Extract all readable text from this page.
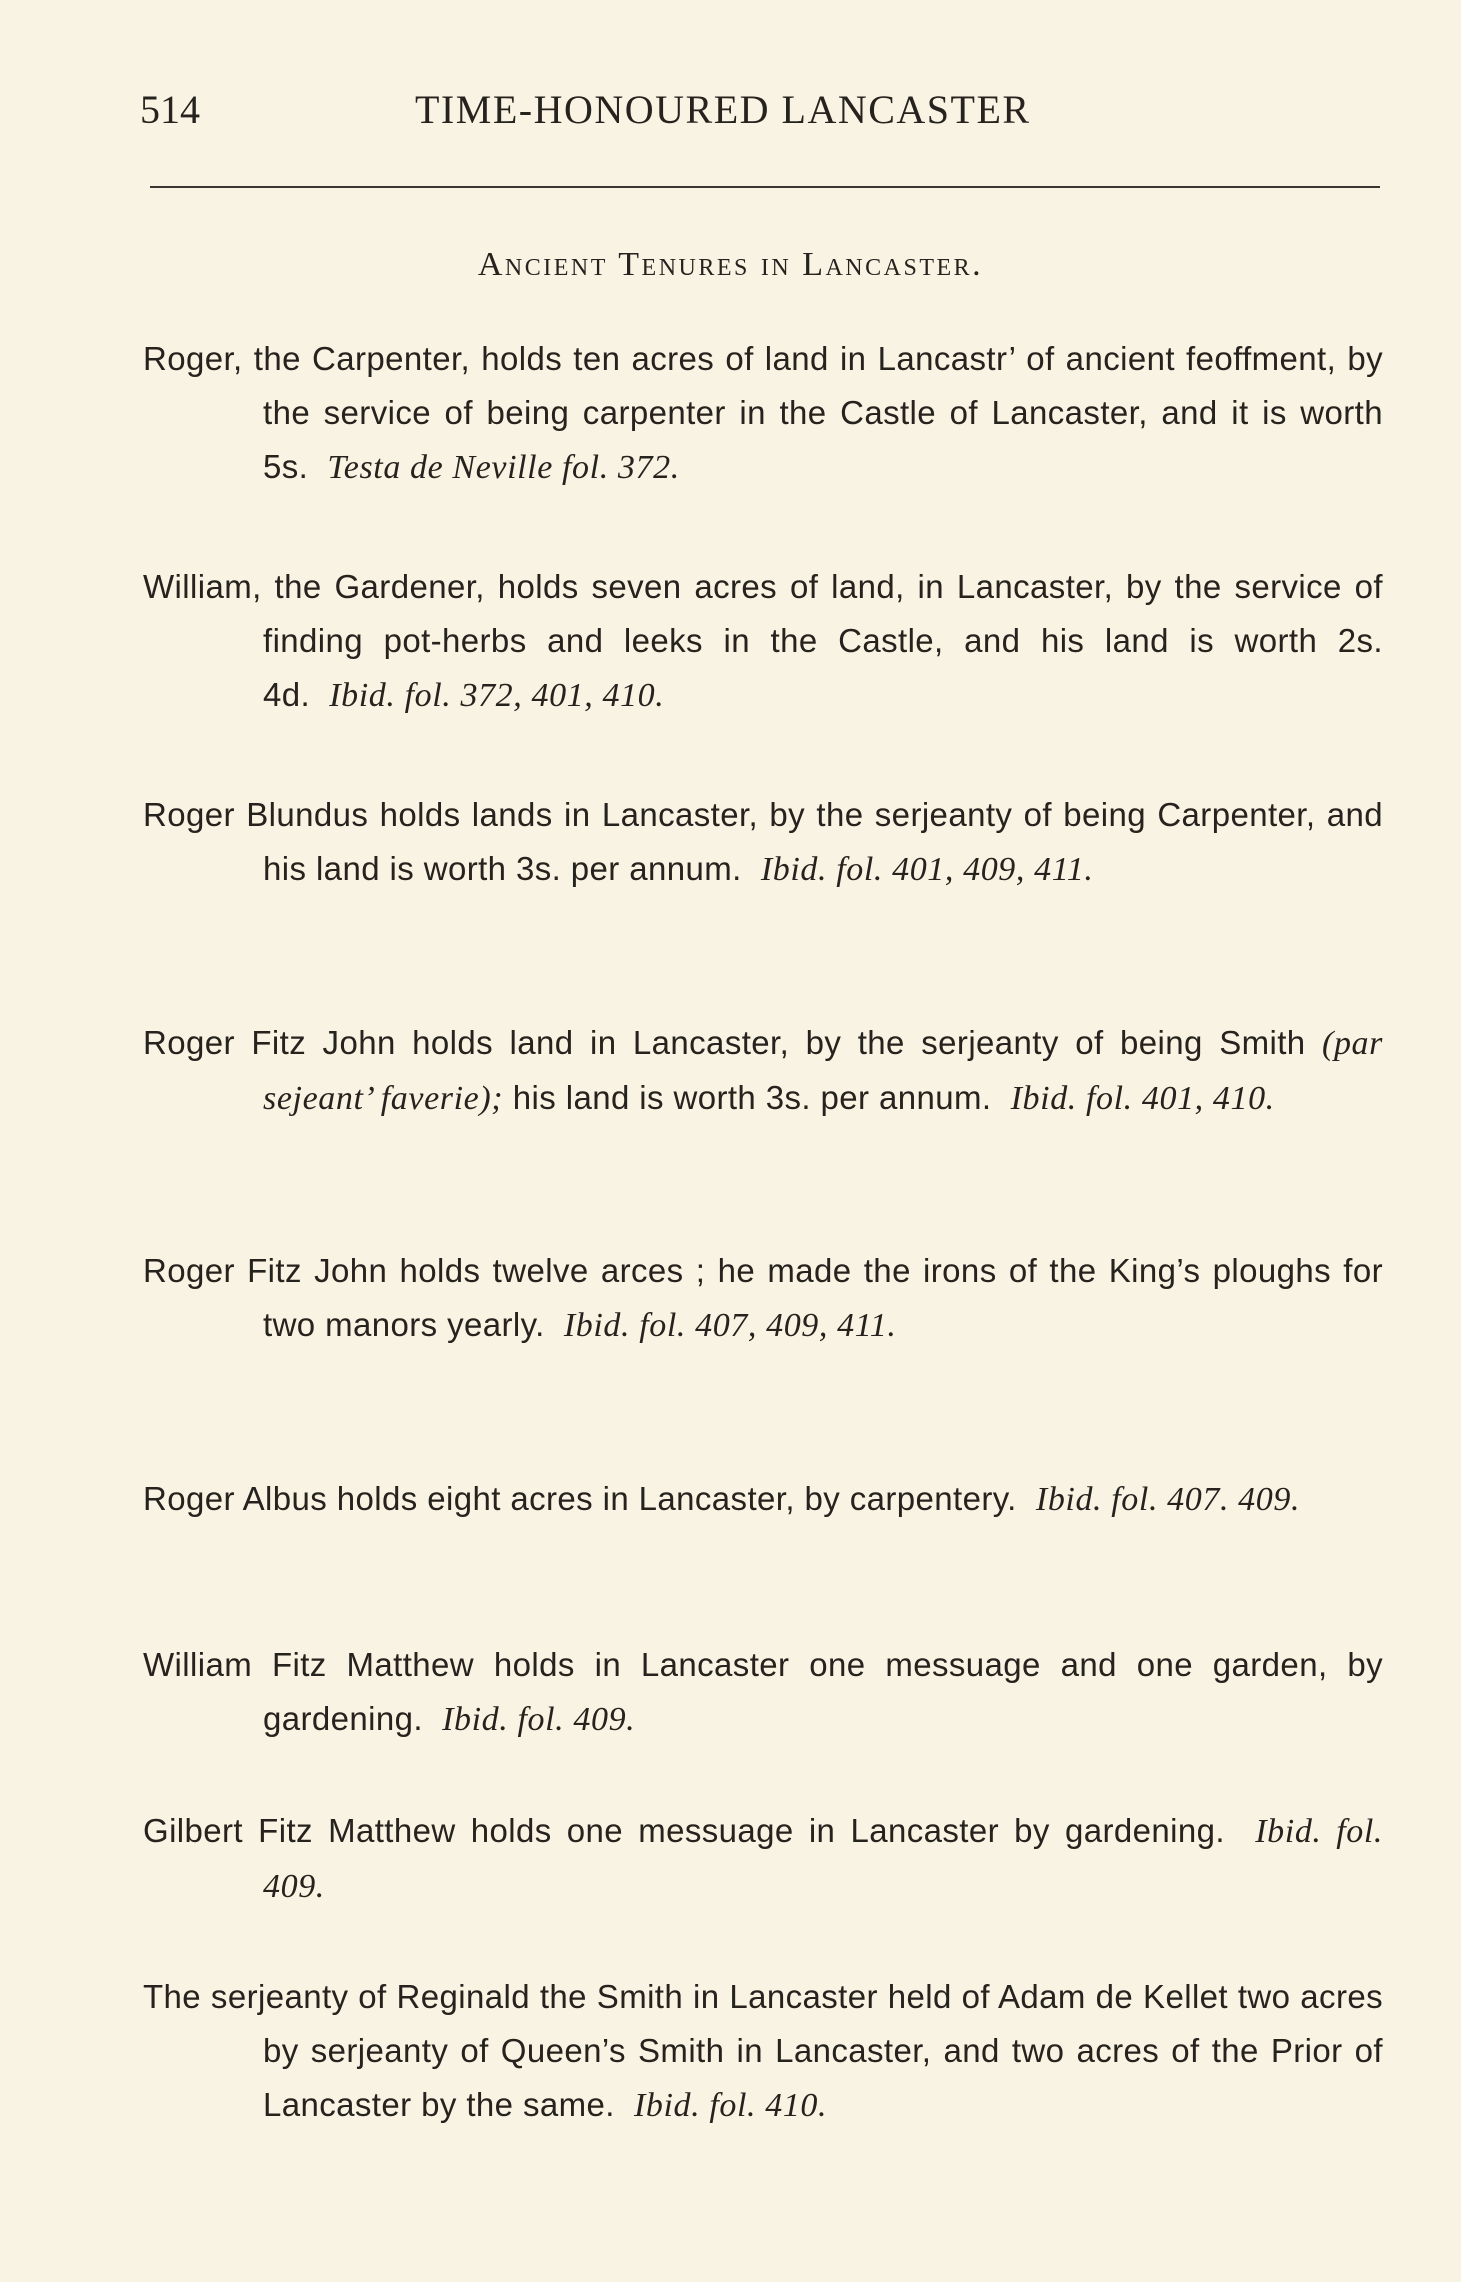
514	TIME-HONOURED LANCASTER
Ancient Tenures in Lancaster.

Roger, the Carpenter, holds ten acres of land in Lancastr’ of ancient feoffment, by the service of being carpenter in the Castle of Lancaster, and it is worth 5s. Testa de Neville fol. 372.

William, the Gardener, holds seven acres of land, in Lancaster, by the service of finding pot-herbs and leeks in the Castle, and his land is worth 2s. 4d. Ibid. fol. 372, 401, 410.

Roger Blundus holds lands in Lancaster, by the serjeanty of being Carpenter, and his land is worth 3s. per annum. Ibid. fol. 401, 409, 411.

Roger Fitz John holds land in Lancaster, by the serjeanty of being Smith (par sejeant’ faverie); his land is worth 3s. per annum. Ibid. fol. 401, 410.

Roger Fitz John holds twelve arces ; he made the irons of the King’s ploughs for two manors yearly. Ibid. fol. 407, 409, 411.

Roger Albus holds eight acres in Lancaster, by carpentery. Ibid. fol. 407. 409.

William Fitz Matthew holds in Lancaster one messuage and one garden, by gardening. Ibid. fol. 409.

Gilbert Fitz Matthew holds one messuage in Lancaster by gardening. Ibid. fol. 409.

The serjeanty of Reginald the Smith in Lancaster held of Adam de Kellet two acres by serjeanty of Queen’s Smith in Lancaster, and two acres of the Prior of Lancaster by the same. Ibid. fol. 410.
